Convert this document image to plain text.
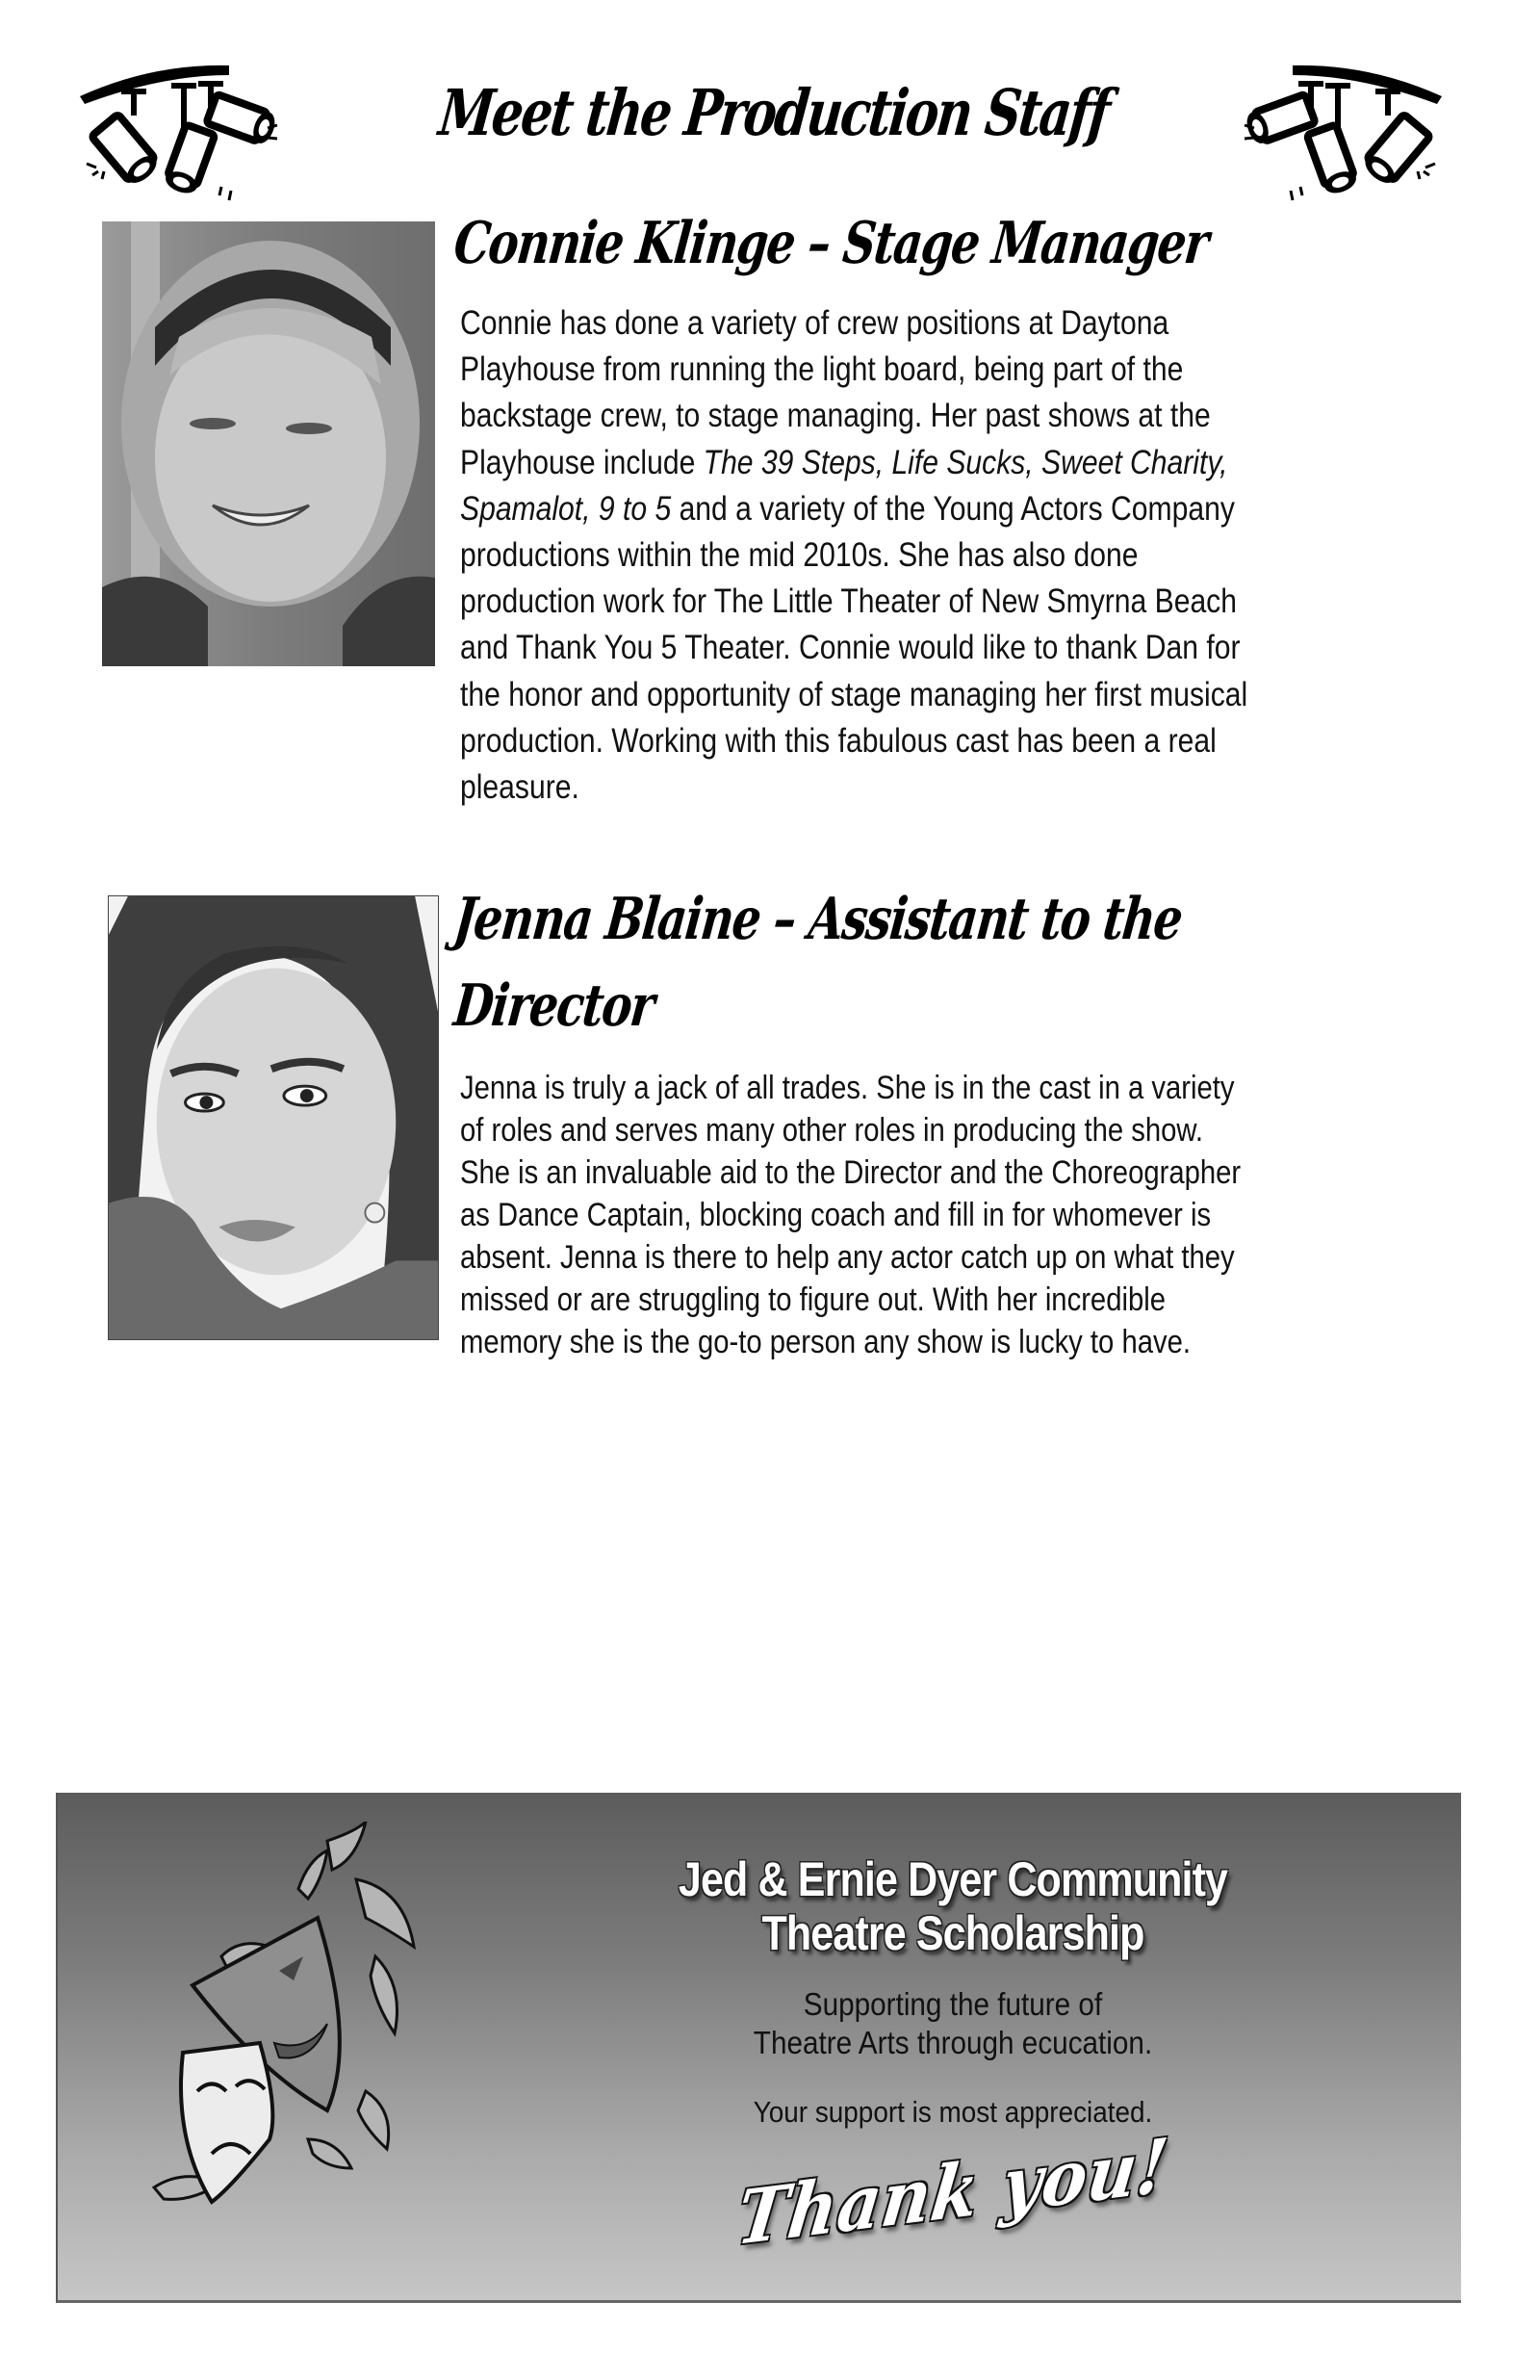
Meet the Production Staff
Connie Klinge – Stage Manager
Connie has done a variety of crew positions at Daytona
Playhouse from running the light board, being part of the
backstage crew, to stage managing. Her past shows at the
Playhouse include The 39 Steps, Life Sucks, Sweet Charity,
Spamalot, 9 to 5 and a variety of the Young Actors Company
productions within the mid 2010s. She has also done
production work for The Little Theater of New Smyrna Beach
and Thank You 5 Theater. Connie would like to thank Dan for
the honor and opportunity of stage managing her first musical
production. Working with this fabulous cast has been a real
pleasure.
Jenna Blaine – Assistant to the
Director
Jenna is truly a jack of all trades. She is in the cast in a variety
of roles and serves many other roles in producing the show.
She is an invaluable aid to the Director and the Choreographer
as Dance Captain, blocking coach and fill in for whomever is
absent. Jenna is there to help any actor catch up on what they
missed or are struggling to figure out. With her incredible
memory she is the go-to person any show is lucky to have.
Jed & Ernie Dyer Community
Theatre Scholarship
Supporting the future of
Theatre Arts through ecucation.
Your support is most appreciated.
Thank you!
